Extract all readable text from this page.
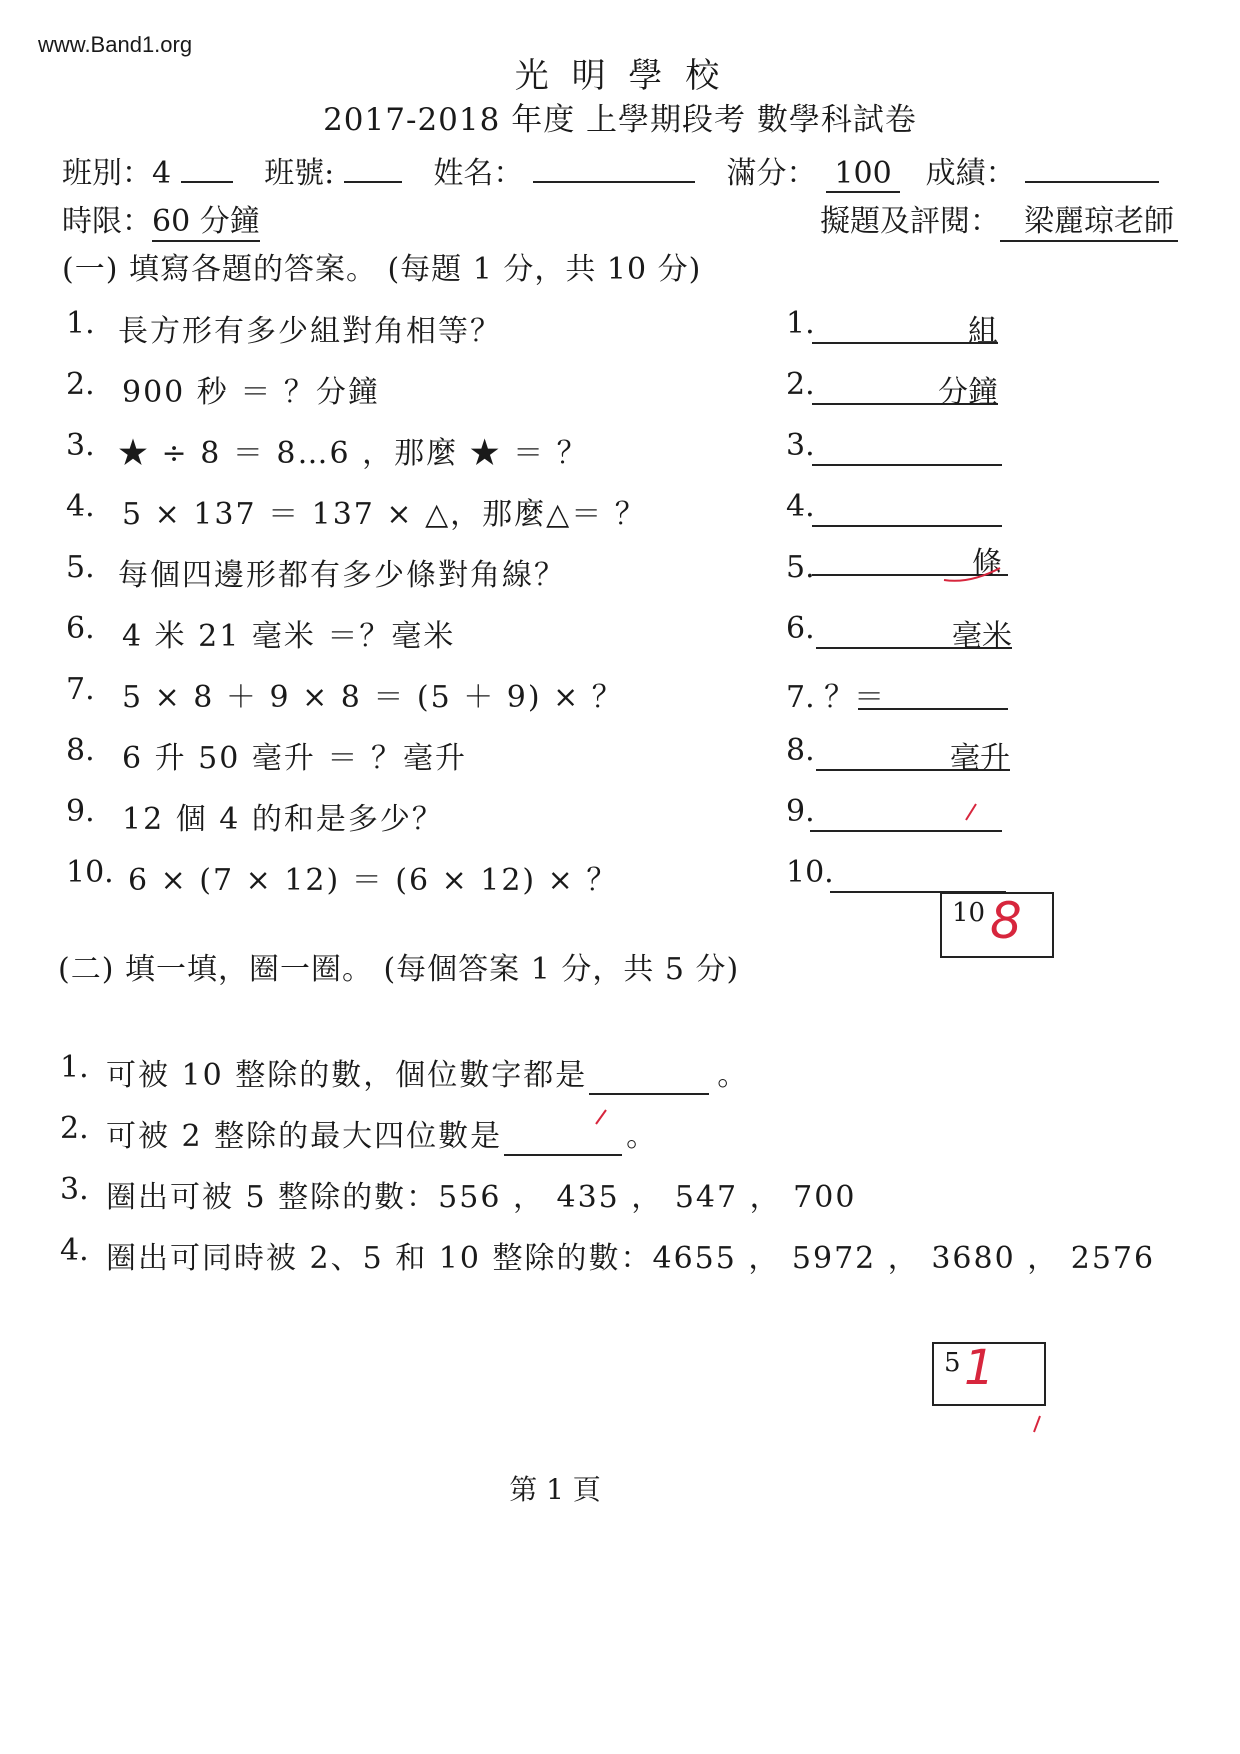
www.Band1.org
光 明 學 校
2017-2018 年度 上學期段考 數學科試卷
班別：4	班號:	姓名：	滿分： 100 成績：
時限：60 分鐘	擬題及評閱： 梁麗琼老師
(一) 填寫各題的答案。 (每題 1 分，共 10 分)
1. 長方形有多少組對角相等？	1.	組
2. 900 秒 ＝ ？分鐘	2.	分鐘
3. ★ ÷ 8 ＝ 8…6 ，那麼 ★ ＝ ？	3.
4. 5 × 137 ＝ 137 × △，那麼△＝ ？	4.
5. 每個四邊形都有多少條對角線？	5.	條
6. 4 米 21 毫米 ＝？毫米	6.	毫米
7. 5 × 8 ＋ 9 × 8 ＝ (5 ＋ 9) × ？	7. ？＝
8. 6 升 50 毫升 ＝ ？毫升	8.	毫升
9. 12 個 4 的和是多少？	9.
10. 6 × (7 × 12) ＝ (6 × 12) × ？	10.
10 8
(二) 填一填，圈一圈。 (每個答案 1 分，共 5 分)
1. 可被 10 整除的數，個位數字都是	。
2. 可被 2 整除的最大四位數是	。
3. 圈出可被 5 整除的數：556 ， 435 ， 547 ， 700
4. 圈出可同時被 2、5 和 10 整除的數：4655 ， 5972 ， 3680 ， 2576
5 1
第 1 頁
